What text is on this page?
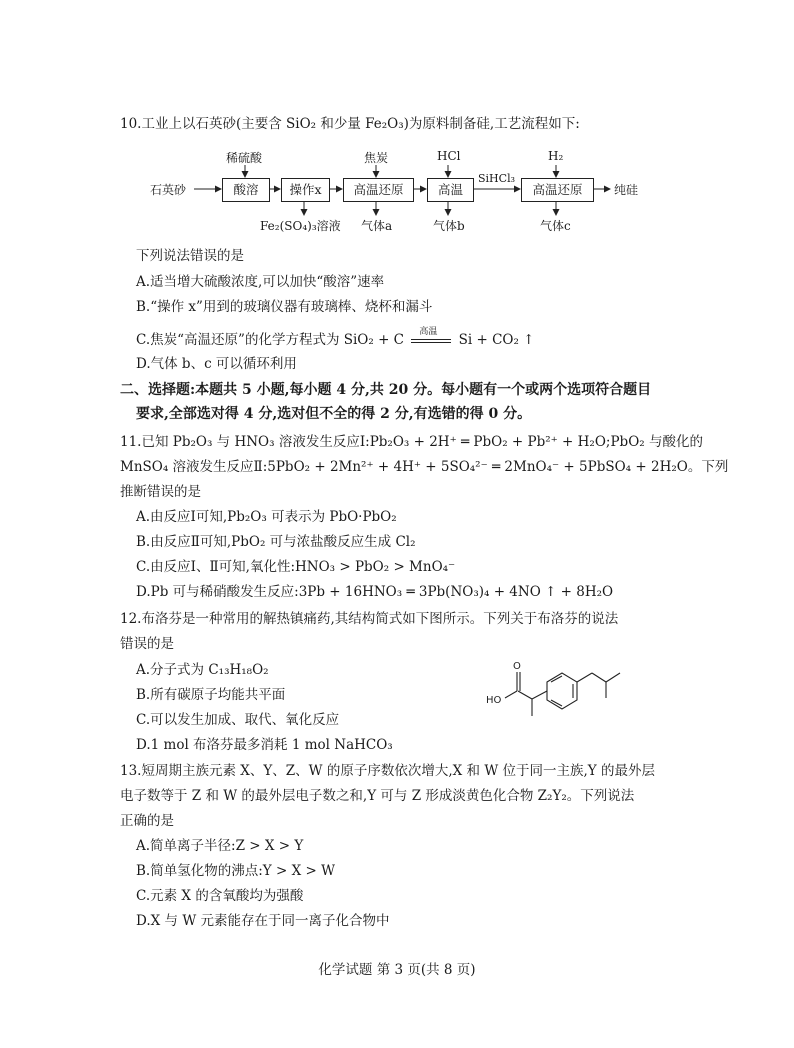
10.工业上以石英砂(主要含 SiO₂ 和少量 Fe₂O₃)为原料制备硅,工艺流程如下:
石英砂	酸溶
稀硫酸
操作x
Fe₂(SO₄)₃溶液
高温还原
焦炭
气体a
高温
HCl
气体b
SiHCl₃
高温还原
H₂
气体c
纯硅
下列说法错误的是
A.适当增大硫酸浓度,可以加快“酸溶”速率
B.“操作 x”用到的玻璃仪器有玻璃棒、烧杯和漏斗
C.焦炭“高温还原”的化学方程式为 SiO₂ + C
高温
Si + CO₂ ↑
D.气体 b、c 可以循环利用
二、选择题:本题共 5 小题,每小题 4 分,共 20 分。每小题有一个或两个选项符合题目
要求,全部选对得 4 分,选对但不全的得 2 分,有选错的得 0 分。
11.已知 Pb₂O₃ 与 HNO₃ 溶液发生反应Ⅰ:Pb₂O₃ + 2H⁺ ═ PbO₂ + Pb²⁺ + H₂O;PbO₂ 与酸化的
MnSO₄ 溶液发生反应Ⅱ:5PbO₂ + 2Mn²⁺ + 4H⁺ + 5SO₄²⁻ ═ 2MnO₄⁻ + 5PbSO₄ + 2H₂O。下列
推断错误的是
A.由反应Ⅰ可知,Pb₂O₃ 可表示为 PbO·PbO₂
B.由反应Ⅱ可知,PbO₂ 可与浓盐酸反应生成 Cl₂
C.由反应Ⅰ、Ⅱ可知,氧化性:HNO₃ > PbO₂ > MnO₄⁻
D.Pb 可与稀硝酸发生反应:3Pb + 16HNO₃ ═ 3Pb(NO₃)₄ + 4NO ↑ + 8H₂O
12.布洛芬是一种常用的解热镇痛药,其结构简式如下图所示。下列关于布洛芬的说法
错误的是
A.分子式为 C₁₃H₁₈O₂
B.所有碳原子均能共平面
C.可以发生加成、取代、氧化反应
D.1 mol 布洛芬最多消耗 1 mol NaHCO₃
O
HO
13.短周期主族元素 X、Y、Z、W 的原子序数依次增大,X 和 W 位于同一主族,Y 的最外层
电子数等于 Z 和 W 的最外层电子数之和,Y 可与 Z 形成淡黄色化合物 Z₂Y₂。下列说法
正确的是
A.简单离子半径:Z > X > Y
B.简单氢化物的沸点:Y > X > W
C.元素 X 的含氧酸均为强酸
D.X 与 W 元素能存在于同一离子化合物中
化学试题 第 3 页(共 8 页)
